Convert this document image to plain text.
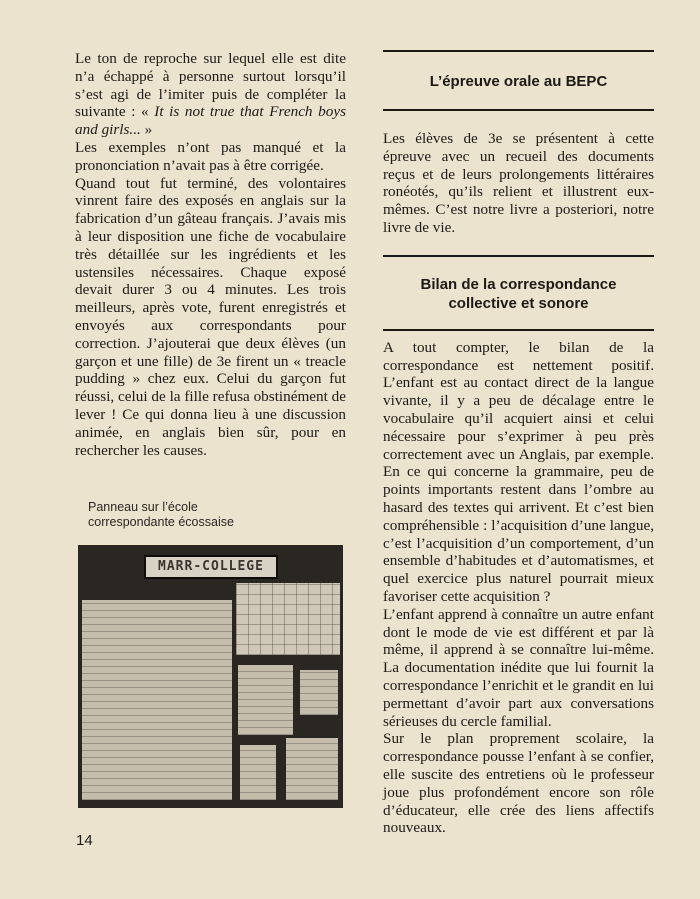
Le ton de reproche sur lequel elle est dite n’a échappé à personne surtout lorsqu’il s’est agi de l’imiter puis de compléter la suivante : « It is not true that French boys and girls... »

Les exemples n’ont pas manqué et la prononciation n’avait pas à être corrigée.

Quand tout fut terminé, des volontaires vinrent faire des exposés en anglais sur la fabrication d’un gâteau français. J’avais mis à leur disposition une fiche de vocabulaire très détaillée sur les ingrédients et les ustensiles nécessaires. Chaque exposé devait durer 3 ou 4 minutes. Les trois meilleurs, après vote, furent enregistrés et envoyés aux correspondants pour correction. J’ajouterai que deux élèves (un garçon et une fille) de 3e firent un « treacle pudding » chez eux. Celui du garçon fut réussi, celui de la fille refusa obstinément de lever ! Ce qui donna lieu à une discussion animée, en anglais bien sûr, pour en rechercher les causes.

Panneau sur l’école correspondante écossaise
MARR-COLLEGE
L’épreuve orale au BEPC

Les élèves de 3e se présentent à cette épreuve avec un recueil des documents reçus et de leurs prolongements littéraires ronéotés, qu’ils relient et illustrent eux-mêmes. C’est notre livre a posteriori, notre livre de vie.

Bilan de la correspondance collective et sonore

A tout compter, le bilan de la correspondance est nettement positif. L’enfant est au contact direct de la langue vivante, il y a peu de décalage entre le vocabulaire qu’il acquiert ainsi et celui nécessaire pour s’exprimer à peu près correctement avec un Anglais, par exemple. En ce qui concerne la grammaire, peu de points importants restent dans l’ombre au hasard des textes qui arrivent. Et c’est bien compréhensible : l’acquisition d’une langue, c’est l’acquisition d’un comportement, d’un ensemble d’habitudes et d’automatismes, et quel exercice plus naturel pourrait mieux favoriser cette acquisition ?

L’enfant apprend à connaître un autre enfant dont le mode de vie est différent et par là même, il apprend à se connaître lui-même. La documentation inédite que lui fournit la correspondance l’enrichit et le grandit en lui permettant d’avoir part aux conversations sérieuses du cercle familial.

Sur le plan proprement scolaire, la correspondance pousse l’enfant à se confier, elle suscite des entretiens où le professeur joue plus profondément encore son rôle d’éducateur, elle crée des liens affectifs nouveaux.

14
